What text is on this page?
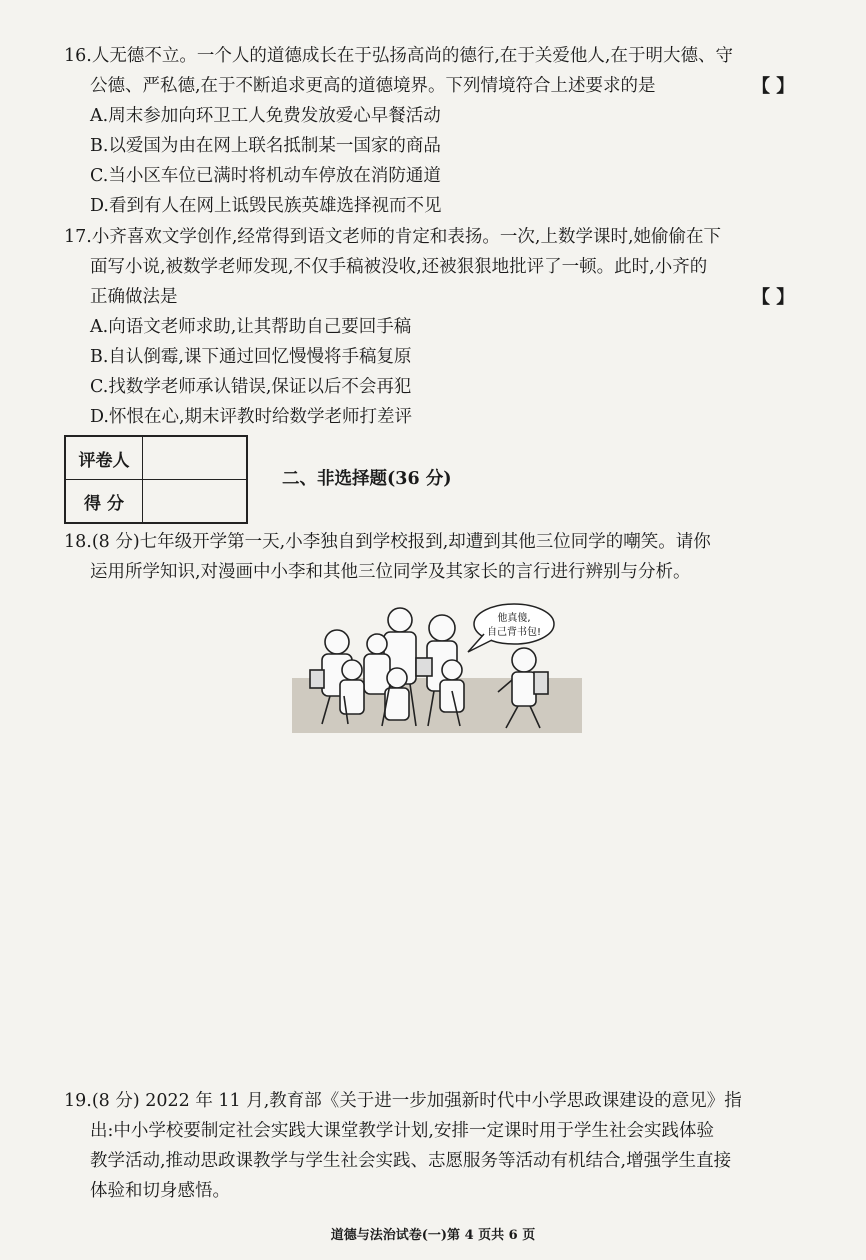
16.人无德不立。一个人的道德成长在于弘扬高尚的德行,在于关爱他人,在于明大德、守
公德、严私德,在于不断追求更高的道德境界。下列情境符合上述要求的是	【 】
A.周末参加向环卫工人免费发放爱心早餐活动
B.以爱国为由在网上联名抵制某一国家的商品
C.当小区车位已满时将机动车停放在消防通道
D.看到有人在网上诋毁民族英雄选择视而不见
17.小齐喜欢文学创作,经常得到语文老师的肯定和表扬。一次,上数学课时,她偷偷在下
面写小说,被数学老师发现,不仅手稿被没收,还被狠狠地批评了一顿。此时,小齐的
正确做法是	【 】
A.向语文老师求助,让其帮助自己要回手稿
B.自认倒霉,课下通过回忆慢慢将手稿复原
C.找数学老师承认错误,保证以后不会再犯
D.怀恨在心,期末评教时给数学老师打差评
评卷人	
得 分	
二、非选择题(36 分)
18.(8 分)七年级开学第一天,小李独自到学校报到,却遭到其他三位同学的嘲笑。请你
运用所学知识,对漫画中小李和其他三位同学及其家长的言行进行辨别与分析。
他真傻,
自己背书包!
19.(8 分) 2022 年 11 月,教育部《关于进一步加强新时代中小学思政课建设的意见》指
出:中小学校要制定社会实践大课堂教学计划,安排一定课时用于学生社会实践体验
教学活动,推动思政课教学与学生社会实践、志愿服务等活动有机结合,增强学生直接
体验和切身感悟。
道德与法治试卷(一)第 4 页共 6 页
